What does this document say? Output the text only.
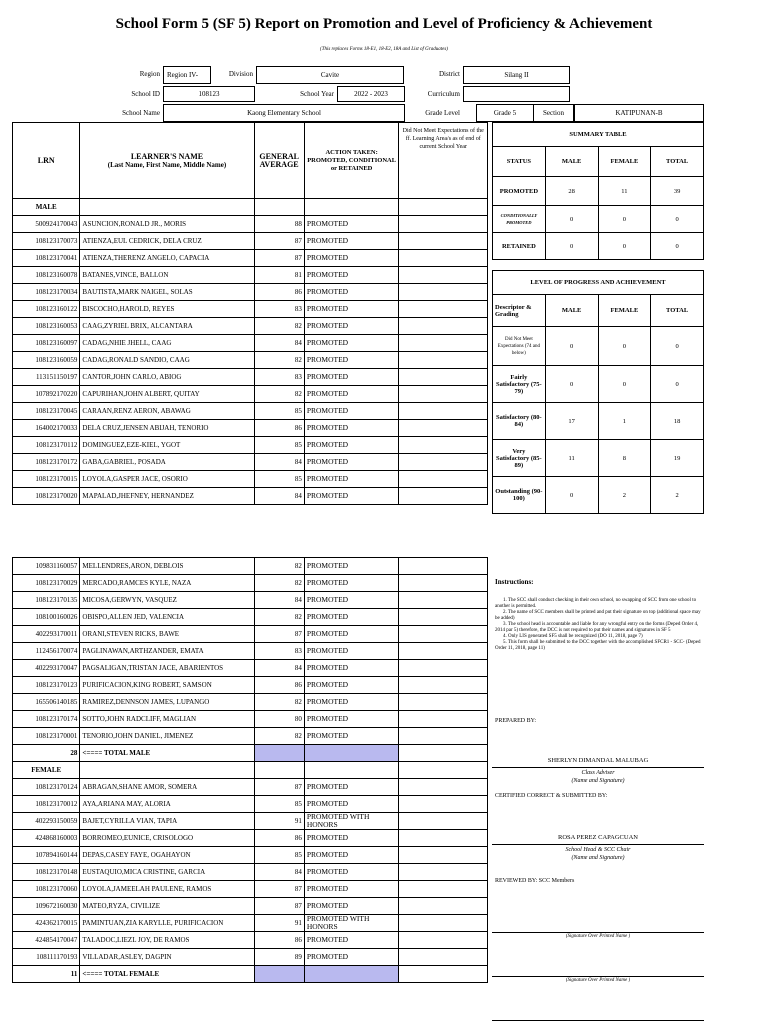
School Form 5 (SF 5) Report on Promotion and Level of Proficiency & Achievement
(This replaces Forms 18-E1, 18-E2, 18A and List of Graduates)
Region	Region IV-	Division	Cavite	District	Silang II
School ID	108123	School Year	2022 - 2023	Curriculum
School Name	Kaong Elementary School	Grade Level	Grade 5	Section	KATIPUNAN-B
LRN	LEARNER'S NAME
(Last Name, First Name, Middle Name)	GENERAL AVERAGE	ACTION TAKEN: PROMOTED, CONDITIONAL or RETAINED	Did Not Meet Expectations of the ff. Learning Area/s as of end of current School Year
MALE				
500924170043	ASUNCION,RONALD JR., MORIS	88	PROMOTED	
108123170073	ATIENZA,EUL CEDRICK, DELA CRUZ	87	PROMOTED	
108123170041	ATIENZA,THERENZ ANGELO, CAPACIA	87	PROMOTED	
108123160078	BATANES,VINCE, BALLON	81	PROMOTED	
108123170034	BAUTISTA,MARK NAIGEL, SOLAS	86	PROMOTED	
108123160122	BISCOCHO,HAROLD, REYES	83	PROMOTED	
108123160053	CAAG,ZYRIEL BRIX, ALCANTARA	82	PROMOTED	
108123160097	CADAG,NHIE JHELL, CAAG	84	PROMOTED	
108123160059	CADAG,RONALD SANDIO, CAAG	82	PROMOTED	
113151150197	CANTOR,JOHN CARLO, ABIOG	83	PROMOTED	
107892170220	CAPURIHAN,JOHN ALBERT, QUITAY	82	PROMOTED	
108123170045	CARAAN,RENZ AERON, ABAWAG	85	PROMOTED	
164002170033	DELA CRUZ,JENSEN ABIJAH, TENORIO	86	PROMOTED	
108123170112	DOMINGUEZ,EZE-KIEL, YGOT	85	PROMOTED	
108123170172	GABA,GABRIEL, POSADA	84	PROMOTED	
108123170015	LOYOLA,GASPER JACE, OSORIO	85	PROMOTED	
108123170020	MAPALAD,JHEFNEY, HERNANDEZ	84	PROMOTED	
109831160057	MELLENDRES,ARON, DEBLOIS	82	PROMOTED	
108123170029	MERCADO,RAMCES KYLE, NAZA	82	PROMOTED	
108123170135	MICOSA,GERWYN, VASQUEZ	84	PROMOTED	
108100160026	OBISPO,ALLEN JED, VALENCIA	82	PROMOTED	
402293170011	ORANI,STEVEN RICKS, BAWE	87	PROMOTED	
112456170074	PAGLINAWAN,ARTHZANDER, EMATA	83	PROMOTED	
402293170047	PAGSALIGAN,TRISTAN JACE, ABARIENTOS	84	PROMOTED	
108123170123	PURIFICACION,KING ROBERT, SAMSON	86	PROMOTED	
165506140185	RAMIREZ,DENNSON JAMES, LUPANGO	82	PROMOTED	
108123170174	SOTTO,JOHN RADCLIFF, MAGLIAN	80	PROMOTED	
108123170001	TENORIO,JOHN DANIEL, JIMENEZ	82	PROMOTED	
28	<==== TOTAL MALE			
FEMALE				
108123170124	ABRAGAN,SHANE AMOR, SOMERA	87	PROMOTED	
108123170012	AYA,ARIANA MAY, ALORIA	85	PROMOTED	
402293150059	BAJET,CYRILLA VIAN, TAPIA	91	PROMOTED WITH HONORS	
424868160003	BORROMEO,EUNICE, CRISOLOGO	86	PROMOTED	
107894160144	DEPAS,CASEY FAYE, OGAHAYON	85	PROMOTED	
108123170148	EUSTAQUIO,MICA CRISTINE, GARCIA	84	PROMOTED	
108123170060	LOYOLA,JAMEELAH PAULENE, RAMOS	87	PROMOTED	
109672160030	MATEO,RYZA, CIVILIZE	87	PROMOTED	
424362170015	PAMINTUAN,ZIA KARYLLE, PURIFICACION	91	PROMOTED WITH HONORS	
424854170047	TALADOC,LIEZL JOY, DE RAMOS	86	PROMOTED	
108111170193	VILLADAR,ASLEY, DAGPIN	89	PROMOTED	
11	<==== TOTAL FEMALE			
SUMMARY TABLE			
STATUS	MALE	FEMALE	TOTAL
PROMOTED	28	11	39
CONDITIONALLY PROMOTED	0	0	0
RETAINED	0	0	0

LEVEL OF PROGRESS AND ACHIEVEMENT			
Descriptor & Grading	MALE	FEMALE	TOTAL
Did Not Meet Expectations (74 and below)	0	0	0
Fairly Satisfactory (75-79)	0	0	0
Satisfactory (80-84)	17	1	18
Very Satisfactory (85-89)	11	8	19
Outstanding (90-100)	0	2	2
Instructions:
1. The SCC shall conduct checking in their own school, no swapping of SCC from one school to another is permitted.
2. The name of SCC members shall be printed and put their signature on top (additional space may be added)
3. The school head is accountable and liable for any wrongful entry on the forms (Deped Order 4, 2014 par 5) therefore, the DCC is not required to put their names and signatures in SF 5
4. Only LIS generated SF5 shall be recognized (DO 11, 2018, page 7)
5. This form shall be submitted to the DCC together with the accomplished SFCR1 - SCC- (Deped Order 11, 2018, page 11)
PREPARED BY:
SHERLYN DIMANDAL MALUBAG
Class Adviser
(Name and Signature)
CERTIFIED CORRECT & SUBMITTED BY:
ROSA PEREZ CAPAGCUAN
School Head & SCC Chair
(Name and Signature)
REVIEWED BY: SCC Members
(Signature Over Printed Name )
(Signature Over Printed Name )
